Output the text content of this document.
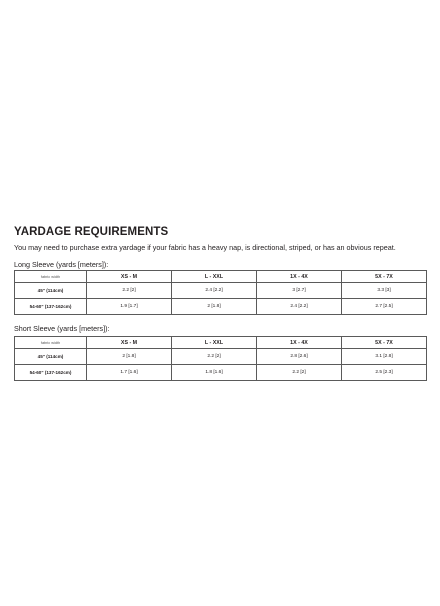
YARDAGE REQUIREMENTS
You may need to purchase extra yardage if your fabric has a heavy nap, is directional, striped, or has an obvious repeat.
Long Sleeve (yards [meters]):
fabric width	XS - M	L - XXL	1X - 4X	5X - 7X
45" (114cm)	2.2 [2]	2.4 [2.2]	3 [2.7]	3.3 [3]
54-60" (137-162cm)	1.9 [1.7]	2 [1.8]	2.4 [2.2]	2.7 [2.5]
Short Sleeve (yards [meters]):
fabric width	XS - M	L - XXL	1X - 4X	5X - 7X
45" (114cm)	2 [1.8]	2.2 [2]	2.8 [2.6]	3.1 [2.8]
54-60" (137-162cm)	1.7 [1.6]	1.8 [1.6]	2.2 [2]	2.5 [2.3]
